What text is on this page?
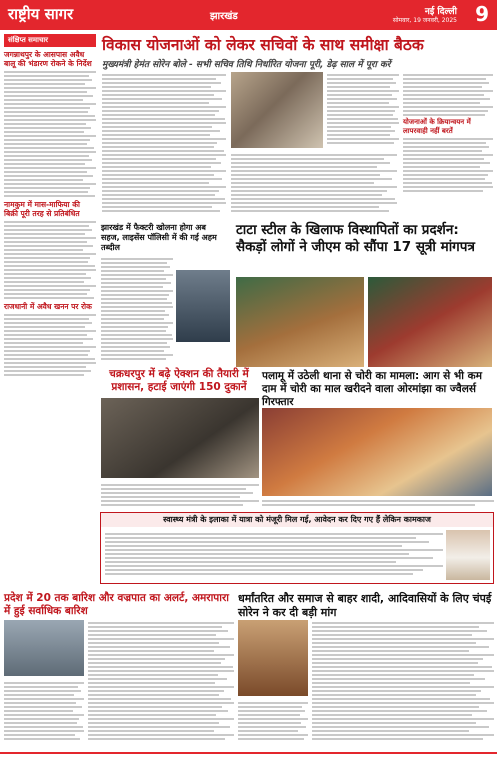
राष्ट्रीय सागर	झारखंड	नई दिल्ली
सोमवार, 19 जनवरी, 2025 9
संक्षिप्त समाचार
जगन्नाथपुर के आसपास अवैध बालू की भंडारण रोकने के निर्देश
नामकुम में मास-माफिया की बिक्री पूरी तरह से प्रतिबंधित
राजधानी में अवैध खनन पर रोक
विकास योजनाओं को लेकर सचिवों के साथ समीक्षा बैठक
मुख्यमंत्री हेमंत सोरेन बोले - सभी सचिव तिथि निर्धारित योजना पूरी, डेढ़ साल में पूरा करें
योजनाओं के क्रियान्वयन में लापरवाही नहीं बरतें
झारखंड में फैक्टरी खोलना होगा अब सहज, लाइसेंस पॉलिसी में की गई अहम तब्दील
टाटा स्टील के खिलाफ विस्थापितों का प्रदर्शन: सैकड़ों लोगों ने जीएम को सौंपा 17 सूत्री मांगपत्र
चक्रधरपुर में बढ़े ऐक्शन की तैयारी में प्रशासन, हटाई जाएंगी 150 दुकानें
पलामू में उठेली थाना से चोरी का मामला: आग से भी कम दाम में चोरी का माल खरीदने वाला ओरमांझा का ज्वैलर्स गिरफ्तार
स्वास्थ्य मंत्री के इलाका में यात्रा को मंजूरी मिल गई, आवेदन कर दिए गए हैं लेकिन कामकाज
प्रदेश में 20 तक बारिश और वज्रपात का अलर्ट, अमरापारा में हुई सर्वाधिक बारिश
धर्मांतरित और समाज से बाहर शादी, आदिवासियों के लिए चंपई सोरेन ने कर दी बड़ी मांग
